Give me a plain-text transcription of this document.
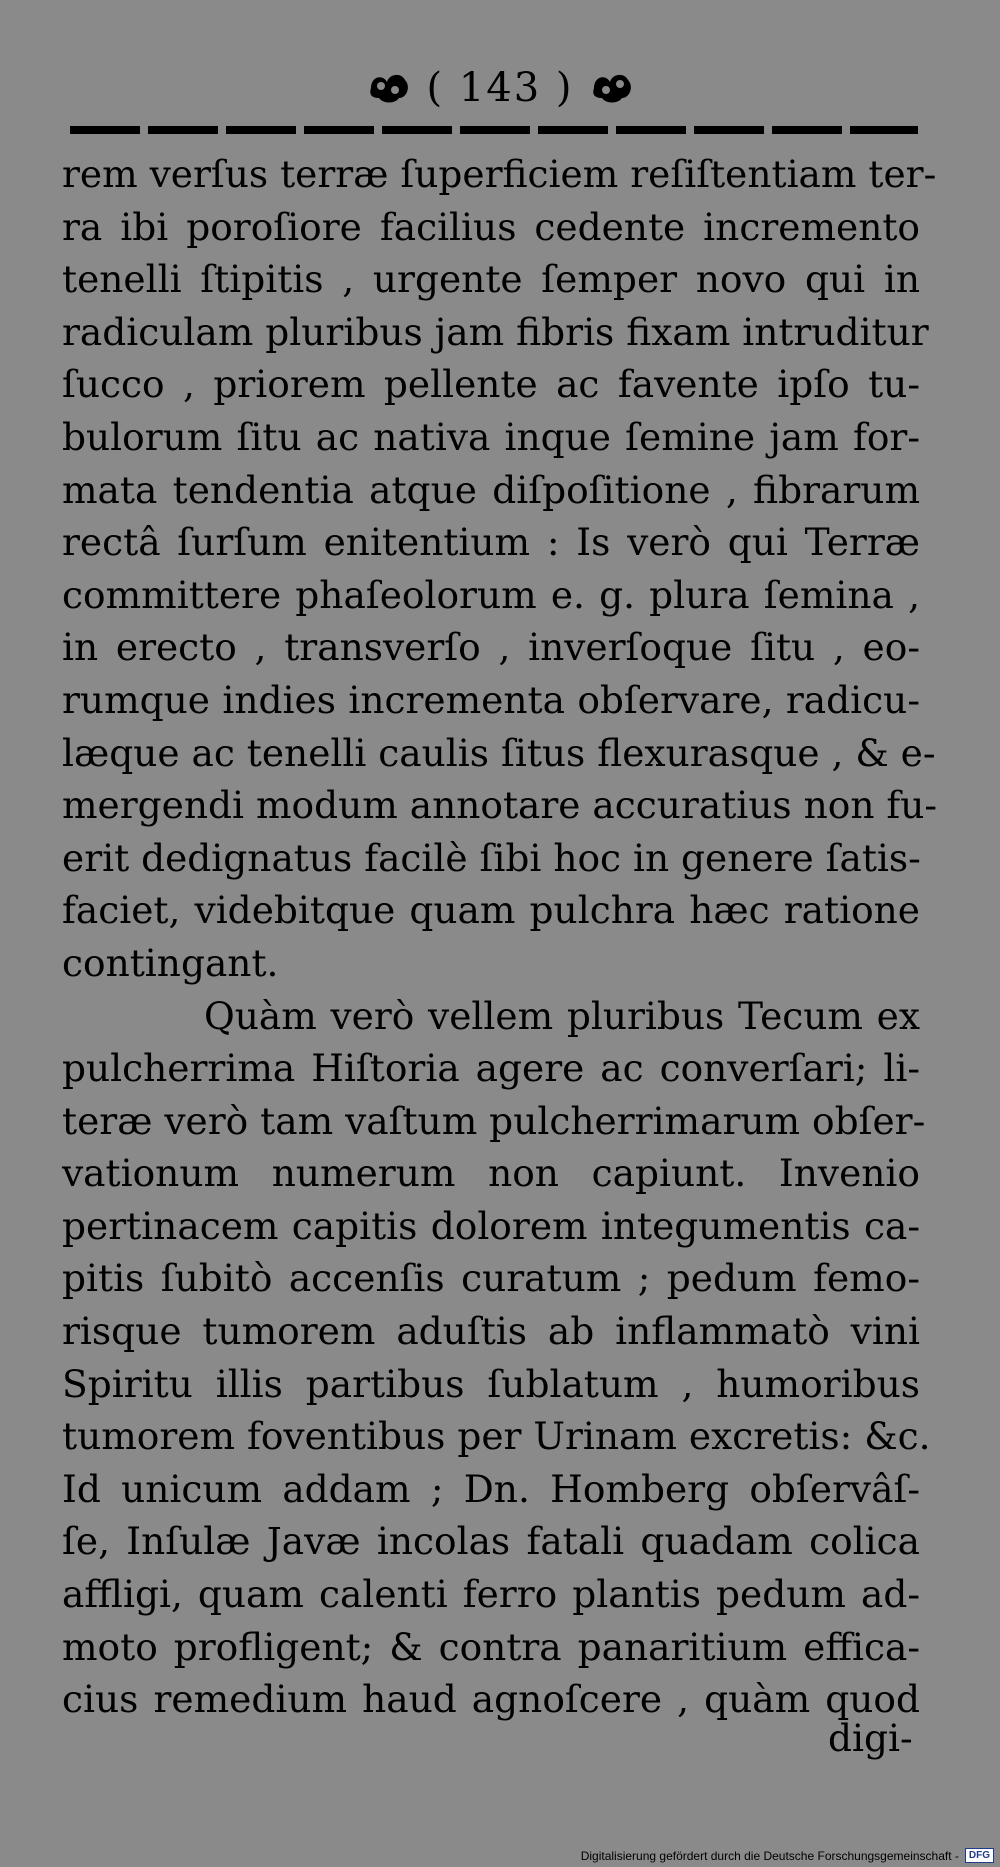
( 143 )
rem verſus terræ ſuperficiem reſiſtentiam ter-
ra ibi poroſiore facilius cedente incremento
tenelli ſtipitis , urgente ſemper novo qui in
radiculam pluribus jam fibris fixam intruditur
ſucco , priorem pellente ac favente ipſo tu-
bulorum ſitu ac nativa inque ſemine jam for-
mata tendentia atque diſpoſitione , fibrarum
rectâ ſurſum enitentium : Is verò qui Terræ
committere phaſeolorum e. g. plura ſemina ,
in erecto , transverſo , inverſoque ſitu , eo-
rumque indies incrementa obſervare, radicu-
læque ac tenelli caulis ſitus flexurasque , & e-
mergendi modum annotare accuratius non fu-
erit dedignatus facilè ſibi hoc in genere ſatis-
faciet, videbitque quam pulchra hæc ratione
contingant.
Quàm verò vellem pluribus Tecum ex
pulcherrima Hiſtoria agere ac converſari; li-
teræ verò tam vaſtum pulcherrimarum obſer-
vationum numerum non capiunt. Invenio
pertinacem capitis dolorem integumentis ca-
pitis ſubitò accenſis curatum ; pedum femo-
risque tumorem aduſtis ab inflammatò vini
Spiritu illis partibus ſublatum , humoribus
tumorem foventibus per Urinam excretis: &c.
Id unicum addam ; Dn. Homberg obſervâſ-
ſe, Inſulæ Javæ incolas fatali quadam colica
affligi, quam calenti ferro plantis pedum ad-
moto profligent; & contra panaritium effica-
cius remedium haud agnoſcere , quàm quod
digi-
Digitalisierung gefördert durch die Deutsche Forschungsgemeinschaft -	DFG
